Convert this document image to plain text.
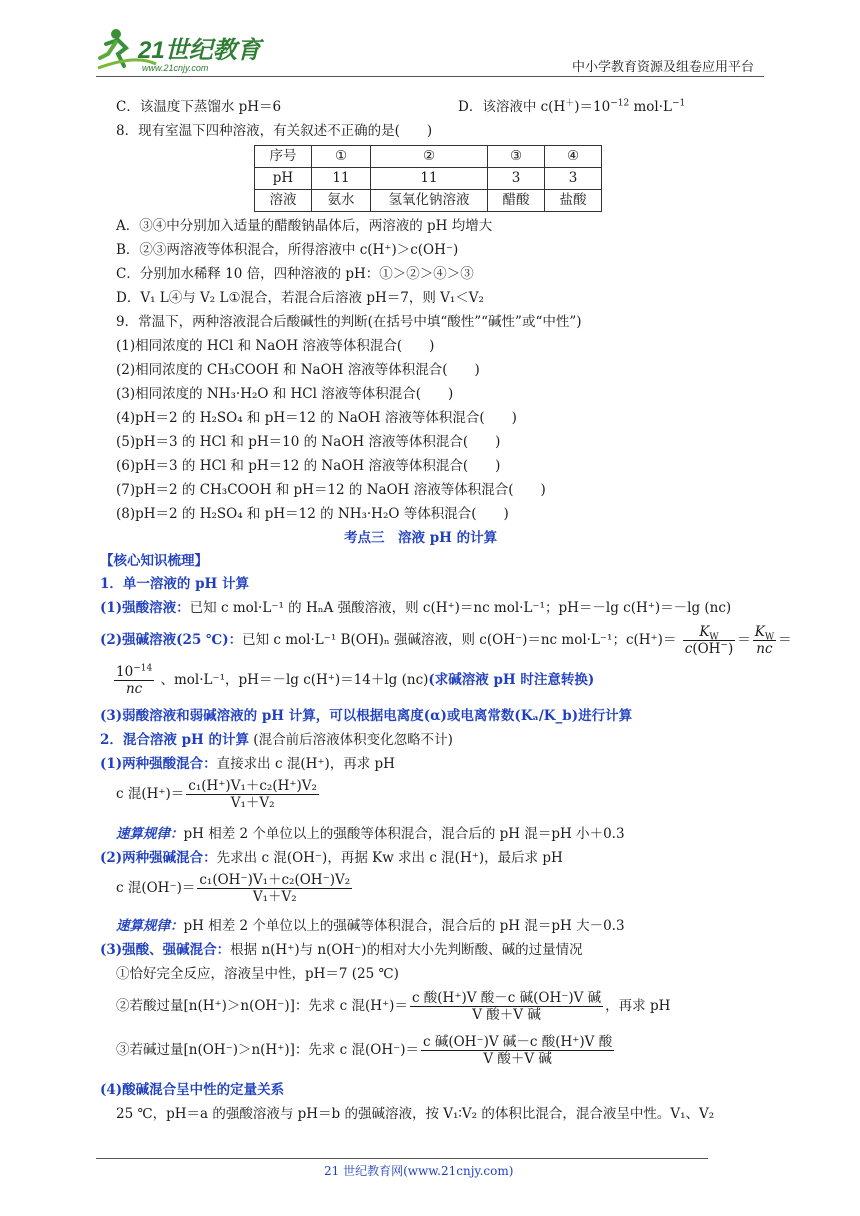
21世纪教育
www.21cnjy.com	中小学教育资源及组卷应用平台
C．该温度下蒸馏水 pH＝6	D．该溶液中 $c(H^+)=10^{-12}$ $mol\cdot L^{-1}$
8．现有室温下四种溶液，有关叙述不正确的是(　　)
序号	①	②	③	④
pH	11	11	3	3
溶液	氨水	氢氧化钠溶液	醋酸	盐酸
A．③④中分别加入适量的醋酸钠晶体后，两溶液的 pH 均增大
B．②③两溶液等体积混合，所得溶液中 c(H⁺)＞c(OH⁻)
C．分别加水稀释 10 倍，四种溶液的 pH：①＞②＞④＞③
D．V₁ L④与 V₂ L①混合，若混合后溶液 pH＝7，则 V₁＜V₂
9．常温下，两种溶液混合后酸碱性的判断(在括号中填“酸性”“碱性”或“中性”)
(1)相同浓度的 HCl 和 NaOH 溶液等体积混合(　　)
(2)相同浓度的 CH₃COOH 和 NaOH 溶液等体积混合(　　)
(3)相同浓度的 NH₃·H₂O 和 HCl 溶液等体积混合(　　)
(4)pH＝2 的 H₂SO₄ 和 pH＝12 的 NaOH 溶液等体积混合(　　)
(5)pH＝3 的 HCl 和 pH＝10 的 NaOH 溶液等体积混合(　　)
(6)pH＝3 的 HCl 和 pH＝12 的 NaOH 溶液等体积混合(　　)
(7)pH＝2 的 CH₃COOH 和 pH＝12 的 NaOH 溶液等体积混合(　　)
(8)pH＝2 的 H₂SO₄ 和 pH＝12 的 NH₃·H₂O 等体积混合(　　)
考点三　溶液 pH 的计算
【核心知识梳理】
1．单一溶液的 pH 计算
(1)强酸溶液：已知 c mol·L⁻¹ 的 HₙA 强酸溶液，则 c(H⁺)＝nc mol·L⁻¹；pH＝－lg c(H⁺)＝－lg (nc)
(2)强碱溶液(25 ℃)：已知 c mol·L⁻¹ B(OH)ₙ 强碱溶液，则 c(OH⁻)＝nc mol·L⁻¹；$c(H^+)= \frac{K_W}{c(OH^-)} = \frac{K_W}{nc}$ ＝
$\frac{10^{-14}}{nc}$ 、mol·L⁻¹，pH＝－lg c(H⁺)＝14＋lg (nc)(求碱溶液 pH 时注意转换)
(3)弱酸溶液和弱碱溶液的 pH 计算，可以根据电离度(α)或电离常数(Kₐ/K_b)进行计算
2．混合溶液 pH 的计算 (混合前后溶液体积变化忽略不计)
(1)两种强酸混合：直接求出 c 混(H⁺)，再求 pH
c 混$(H^+)= \frac{\text{c₁(H⁺)V₁＋c₂(H⁺)V₂}}{\text{V₁＋V₂}}$
速算规律：pH 相差 2 个单位以上的强酸等体积混合，混合后的 pH 混＝pH 小＋0.3
(2)两种强碱混合：先求出 c 混(OH⁻)，再据 Kw 求出 c 混(H⁺)，最后求 pH
c 混$(OH^-)= \frac{\text{c₁(OH⁻)V₁＋c₂(OH⁻)V₂}}{\text{V₁＋V₂}}$
速算规律：pH 相差 2 个单位以上的强碱等体积混合，混合后的 pH 混＝pH 大－0.3
(3)强酸、强碱混合：根据 n(H⁺)与 n(OH⁻)的相对大小先判断酸、碱的过量情况
①恰好完全反应，溶液呈中性，pH＝7 (25 ℃)
②若酸过量[n(H⁺)＞n(OH⁻)]：先求 c 混$(H^+)= \frac{\text{c 酸(H⁺)V 酸－c 碱(OH⁻)V 碱}}{\text{V 酸＋V 碱}}$ ，再求 pH
③若碱过量[n(OH⁻)＞n(H⁺)]：先求 c 混$(OH^-)= \frac{\text{c 碱(OH⁻)V 碱－c 酸(H⁺)V 酸}}{\text{V 酸＋V 碱}}$
(4)酸碱混合呈中性的定量关系
25 ℃，pH＝a 的强酸溶液与 pH＝b 的强碱溶液，按 V₁∶V₂ 的体积比混合，混合液呈中性。V₁、V₂
21 世纪教育网(www.21cnjy.com)
